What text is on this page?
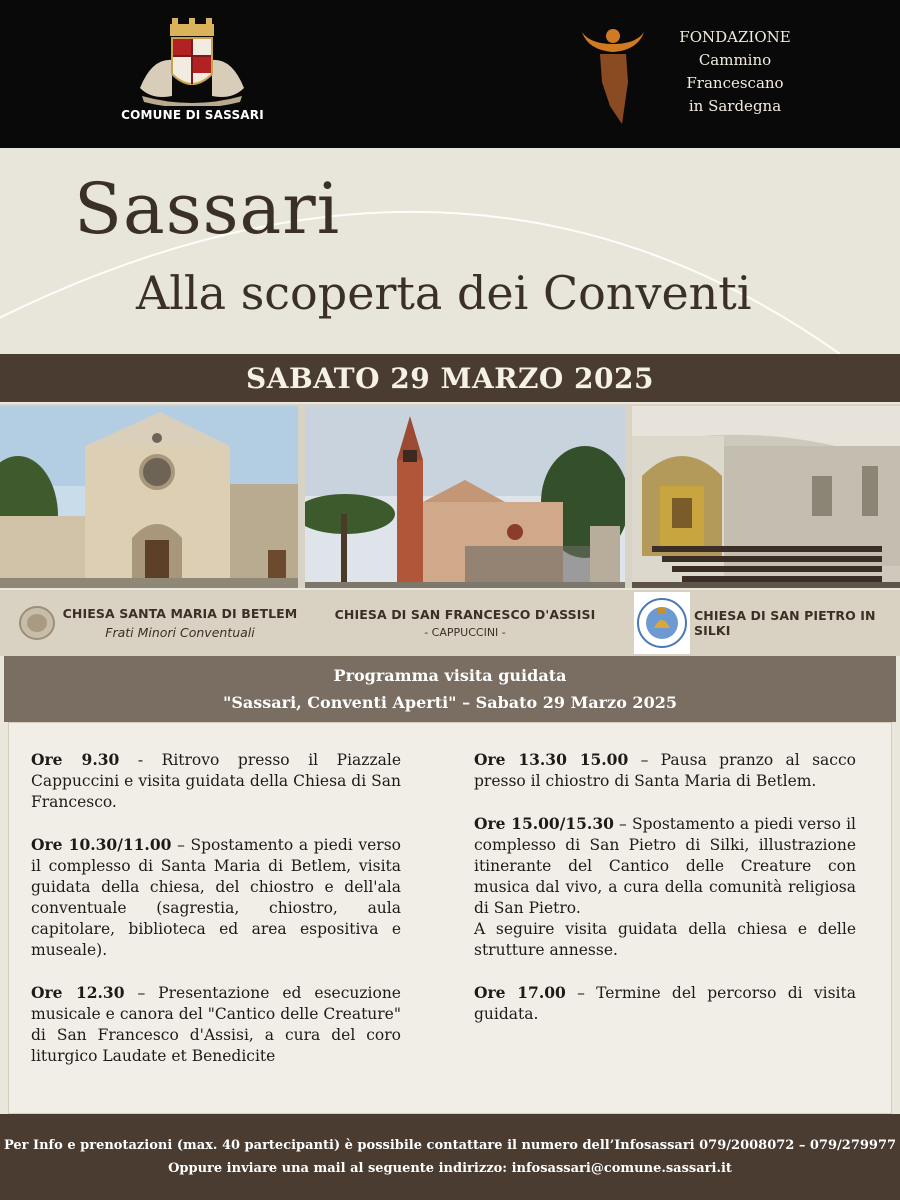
COMUNE DI SASSARI
FONDAZIONE
Cammino
Francescano
in Sardegna
Sassari
Alla scoperta dei Conventi
SABATO 29 MARZO 2025
CHIESA SANTA MARIA DI BETLEM
Frati Minori Conventuali
CHIESA DI SAN FRANCESCO D'ASSISI
- CAPPUCCINI -
CHIESA DI SAN PIETRO IN SILKI
Programma visita guidata
"Sassari, Conventi Aperti" – Sabato 29 Marzo 2025

Ore 9.30 - Ritrovo presso il Piazzale Cappuccini e visita guidata della Chiesa di San Francesco.

Ore 10.30/11.00 – Spostamento a piedi verso il complesso di Santa Maria di Betlem, visita guidata della chiesa, del chiostro e dell'ala conventuale (sagrestia, chiostro, aula capitolare, biblioteca ed area espositiva e museale).

Ore 12.30 – Presentazione ed esecuzione musicale e canora del "Cantico delle Creature" di San Francesco d'Assisi, a cura del coro liturgico Laudate et Benedicite

Ore 13.30 15.00 – Pausa pranzo al sacco presso il chiostro di Santa Maria di Betlem.

Ore 15.00/15.30 – Spostamento a piedi verso il complesso di San Pietro di Silki, illustrazione itinerante del Cantico delle Creature con musica dal vivo, a cura della comunità religiosa di San Pietro.

A seguire visita guidata della chiesa e delle strutture annesse.

Ore 17.00 – Termine del percorso di visita guidata.

Per Info e prenotazioni (max. 40 partecipanti) è possibile contattare il numero dell’Infosassari 079/2008072 – 079/279977
Oppure inviare una mail al seguente indirizzo: infosassari@comune.sassari.it
